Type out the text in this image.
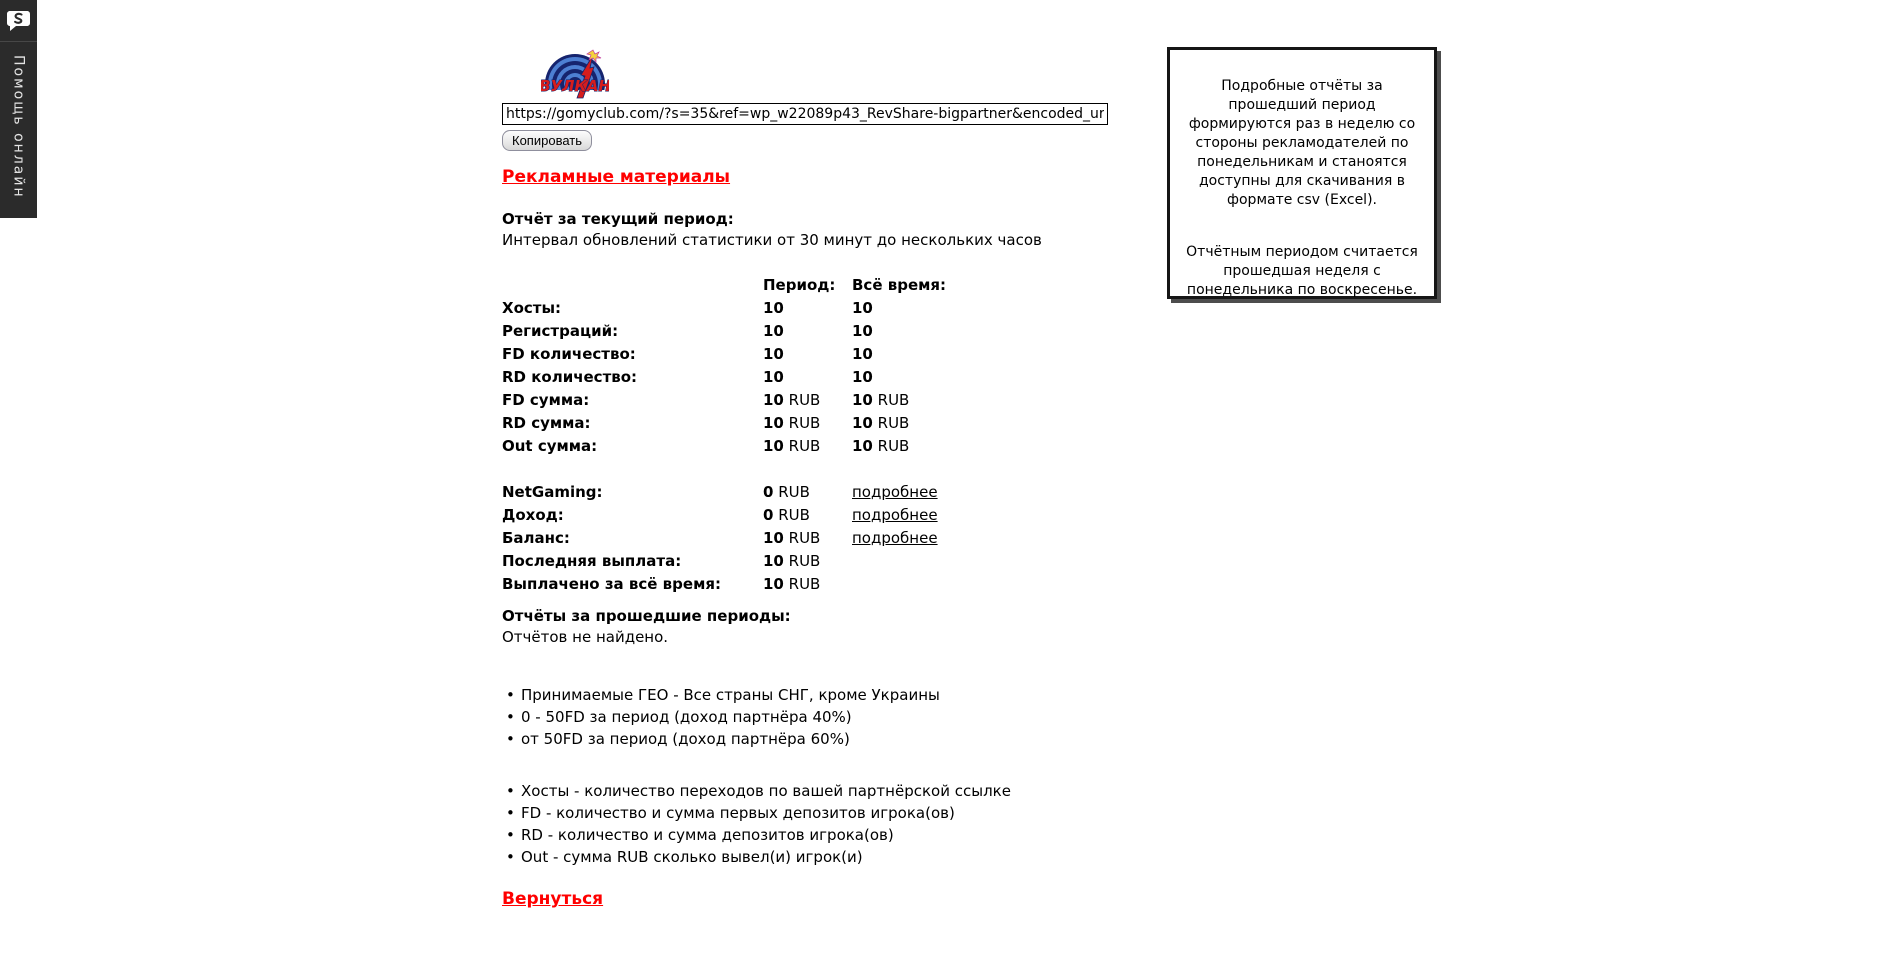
Помощь онлайн	ВУЛКАН
https://gomyclub.com/?s=35&ref=wp_w22089p43_RevShare-bigpartner&encoded_url=cmVnaXN
Копировать
Рекламные материалы
Отчёт за текущий период:
Интервал обновлений статистики от 30 минут до нескольких часов
Период:	Всё время:
Хосты:	10	10
Регистраций:	10	10
FD количество:	10	10
RD количество:	10	10
FD сумма:	10 RUB	10 RUB
RD сумма:	10 RUB	10 RUB
Out сумма:	10 RUB	10 RUB
NetGaming:	0 RUB	подробнее
Доход:	0 RUB	подробнее
Баланс:	10 RUB	подробнее
Последняя выплата:	10 RUB
Выплачено за всё время:	10 RUB
Отчёты за прошедшие периоды:
Отчётов не найдено.
• Принимаемые ГЕО - Все страны СНГ, кроме Украины
• 0 - 50FD за период (доход партнёра 40%)
• от 50FD за период (доход партнёра 60%)
• Хосты - количество переходов по вашей партнёрской ссылке
• FD - количество и сумма первых депозитов игрока(ов)
• RD - количество и сумма депозитов игрока(ов)
• Out - сумма RUB сколько вывел(и) игрок(и)
Вернуться

Подробные отчёты за прошедший период формируются раз в неделю со стороны рекламодателей по понедельникам и станоятся доступны для скачивания в формате csv (Excel).

Отчётным периодом считается прошедшая неделя с понедельника по воскресенье.
